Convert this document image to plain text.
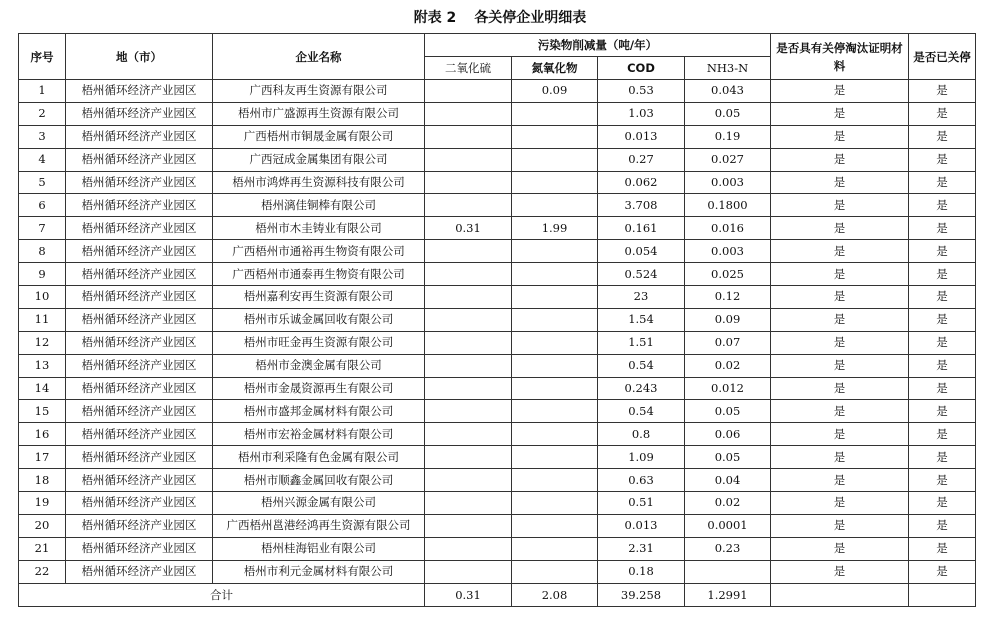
附表 2 各关停企业明细表
序号	地（市）	企业名称	污染物削减量（吨/年）				是否具有关停淘汰证明材料	是否已关停
			二氧化硫	氮氧化物	COD	NH3-N		
1	梧州循环经济产业园区	广西科友再生资源有限公司		0.09	0.53	0.043	是	是
2	梧州循环经济产业园区	梧州市广盛源再生资源有限公司			1.03	0.05	是	是
3	梧州循环经济产业园区	广西梧州市铜晟金属有限公司			0.013	0.19	是	是
4	梧州循环经济产业园区	广西冠成金属集团有限公司			0.27	0.027	是	是
5	梧州循环经济产业园区	梧州市鸿烨再生资源科技有限公司			0.062	0.003	是	是
6	梧州循环经济产业园区	梧州漓佳铜棒有限公司			3.708	0.1800	是	是
7	梧州循环经济产业园区	梧州市木圭铸业有限公司	0.31	1.99	0.161	0.016	是	是
8	梧州循环经济产业园区	广西梧州市通裕再生物资有限公司			0.054	0.003	是	是
9	梧州循环经济产业园区	广西梧州市通泰再生物资有限公司			0.524	0.025	是	是
10	梧州循环经济产业园区	梧州嘉利安再生资源有限公司			23	0.12	是	是
11	梧州循环经济产业园区	梧州市乐诚金属回收有限公司			1.54	0.09	是	是
12	梧州循环经济产业园区	梧州市旺金再生资源有限公司			1.51	0.07	是	是
13	梧州循环经济产业园区	梧州市金澳金属有限公司			0.54	0.02	是	是
14	梧州循环经济产业园区	梧州市金晟资源再生有限公司			0.243	0.012	是	是
15	梧州循环经济产业园区	梧州市盛邦金属材料有限公司			0.54	0.05	是	是
16	梧州循环经济产业园区	梧州市宏裕金属材料有限公司			0.8	0.06	是	是
17	梧州循环经济产业园区	梧州市利采隆有色金属有限公司			1.09	0.05	是	是
18	梧州循环经济产业园区	梧州市顺鑫金属回收有限公司			0.63	0.04	是	是
19	梧州循环经济产业园区	梧州兴源金属有限公司			0.51	0.02	是	是
20	梧州循环经济产业园区	广西梧州邕港经鸿再生资源有限公司			0.013	0.0001	是	是
21	梧州循环经济产业园区	梧州桂海铝业有限公司			2.31	0.23	是	是
22	梧州循环经济产业园区	梧州市利元金属材料有限公司			0.18		是	是
合计			0.31	2.08	39.258	1.2991		
